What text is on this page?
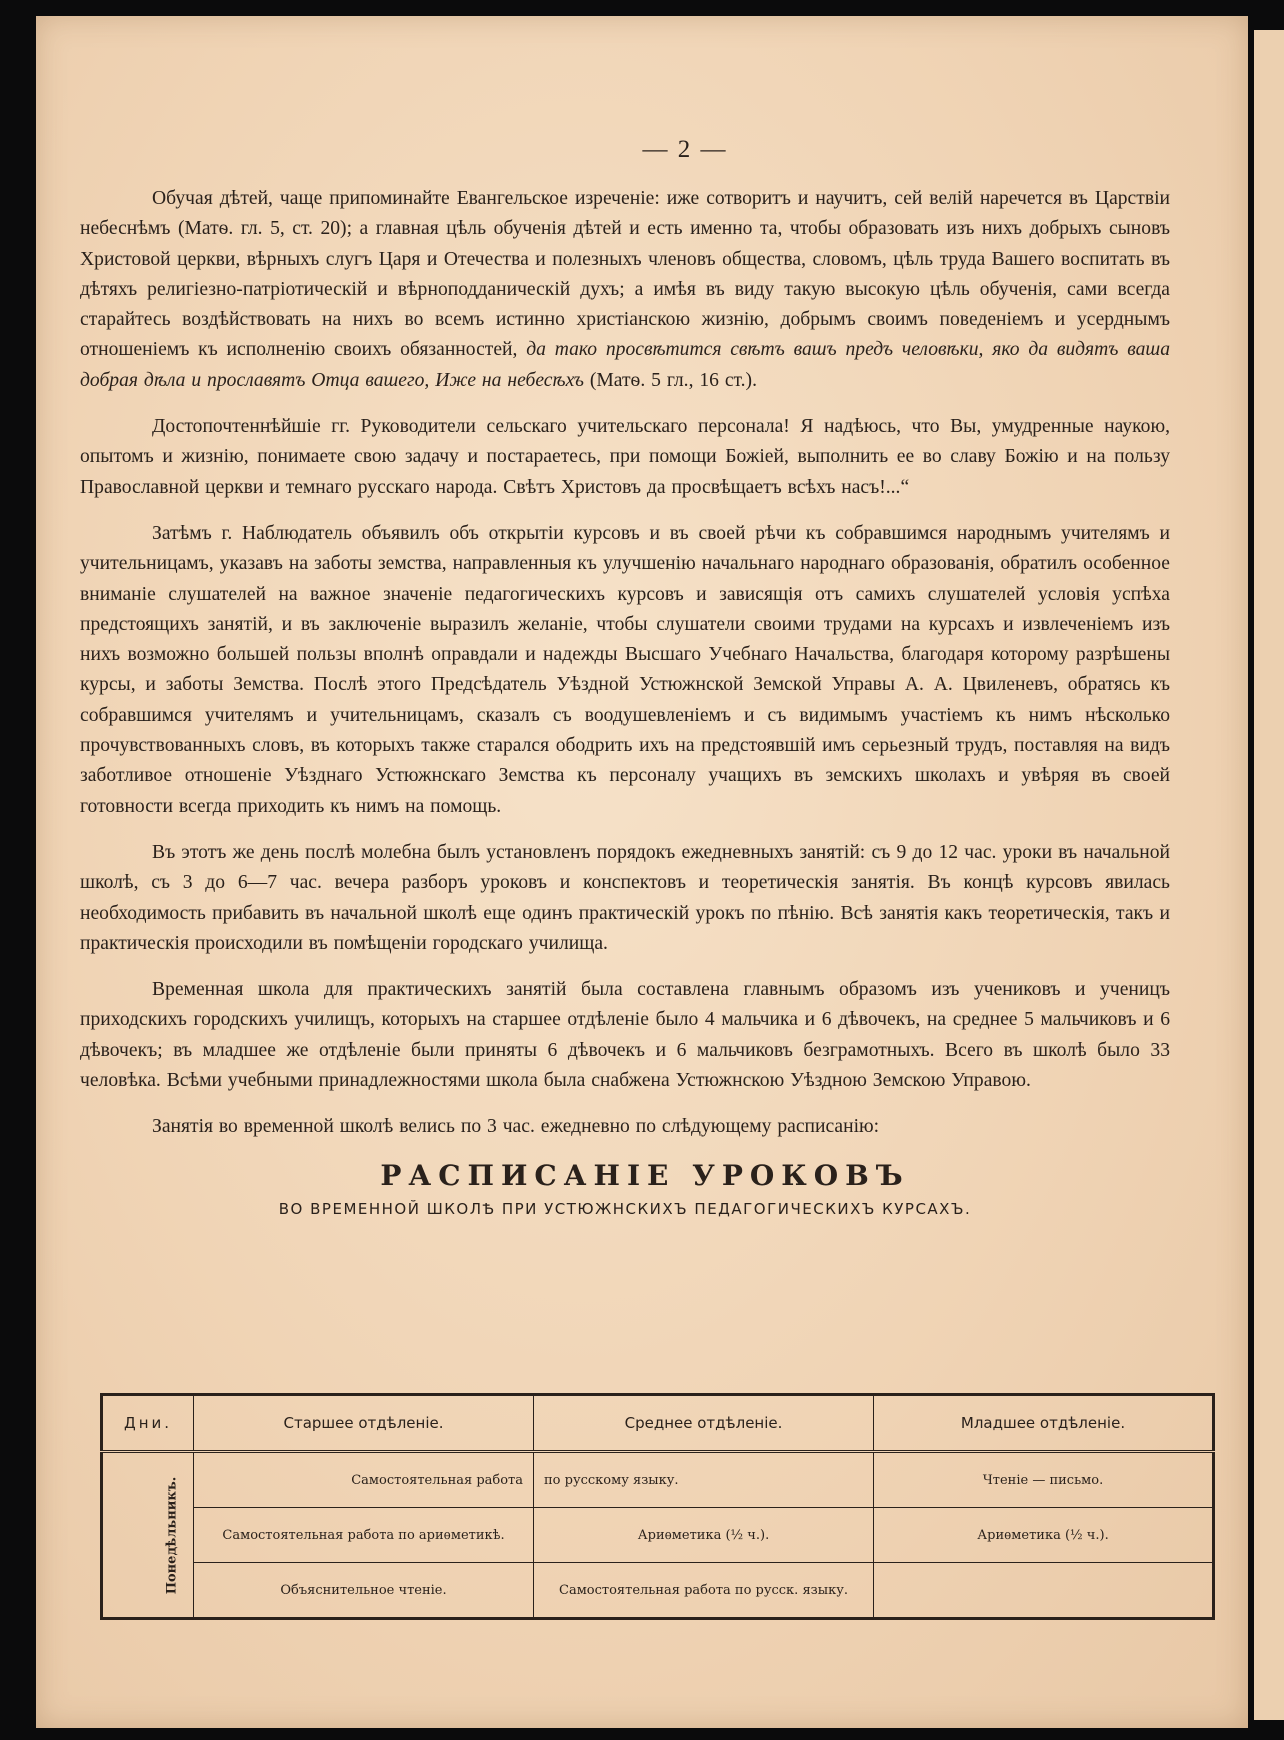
— 2 —

Обучая дѣтей, чаще припоминайте Евангельское изреченіе: иже сотворитъ и научитъ, сей велій наречется въ Царствіи небеснѣмъ (Матѳ. гл. 5, ст. 20); а главная цѣль обученія дѣтей и есть именно та, чтобы образовать изъ нихъ добрыхъ сыновъ Христовой церкви, вѣрныхъ слугъ Царя и Отечества и полезныхъ членовъ общества, словомъ, цѣль труда Вашего воспитать въ дѣтяхъ религіезно-патріотическій и вѣрноподданическій духъ; а имѣя въ виду такую высокую цѣль обученія, сами всегда старайтесь воздѣйствовать на нихъ во всемъ истинно христіанскою жизнію, добрымъ своимъ поведеніемъ и усерднымъ отношеніемъ къ исполненію своихъ обязанностей, да тако просвѣтится свѣтъ вашъ предъ человѣки, яко да видятъ ваша добрая дѣла и прославятъ Отца вашего, Иже на небесѣхъ (Матѳ. 5 гл., 16 ст.).

Достопочтеннѣйшіе гг. Руководители сельскаго учительскаго персонала! Я надѣюсь, что Вы, умудренные наукою, опытомъ и жизнію, понимаете свою задачу и постараетесь, при помощи Божіей, выполнить ее во славу Божію и на пользу Православной церкви и темнаго русскаго народа. Свѣтъ Христовъ да просвѣщаетъ всѣхъ насъ!...“

Затѣмъ г. Наблюдатель объявилъ объ открытіи курсовъ и въ своей рѣчи къ собравшимся народнымъ учителямъ и учительницамъ, указавъ на заботы земства, направленныя къ улучшенію начальнаго народнаго образованія, обратилъ особенное вниманіе слушателей на важное значеніе педагогическихъ курсовъ и зависящія отъ самихъ слушателей условія успѣха предстоящихъ занятій, и въ заключеніе выразилъ желаніе, чтобы слушатели своими трудами на курсахъ и извлеченіемъ изъ нихъ возможно большей пользы вполнѣ оправдали и надежды Высшаго Учебнаго Начальства, благодаря которому разрѣшены курсы, и заботы Земства. Послѣ этого Предсѣдатель Уѣздной Устюжнской Земской Управы А. А. Цвиленевъ, обратясь къ собравшимся учителямъ и учительницамъ, сказалъ съ воодушевленіемъ и съ видимымъ участіемъ къ нимъ нѣсколько прочувствованныхъ словъ, въ которыхъ также старался ободрить ихъ на предстоявшій имъ серьезный трудъ, поставляя на видъ заботливое отношеніе Уѣзднаго Устюжнскаго Земства къ персоналу учащихъ въ земскихъ школахъ и увѣряя въ своей готовности всегда приходить къ нимъ на помощь.

Въ этотъ же день послѣ молебна былъ установленъ порядокъ ежедневныхъ занятій: съ 9 до 12 час. уроки въ начальной школѣ, съ 3 до 6—7 час. вечера разборъ уроковъ и конспектовъ и теоретическія занятія. Въ концѣ курсовъ явилась необходимость прибавить въ начальной школѣ еще одинъ практическій урокъ по пѣнію. Всѣ занятія какъ теоретическія, такъ и практическія происходили въ помѣщеніи городскаго училища.

Временная школа для практическихъ занятій была составлена главнымъ образомъ изъ учениковъ и ученицъ приходскихъ городскихъ училищъ, которыхъ на старшее отдѣленіе было 4 мальчика и 6 дѣвочекъ, на среднее 5 мальчиковъ и 6 дѣвочекъ; въ младшее же отдѣленіе были приняты 6 дѣвочекъ и 6 мальчиковъ безграмотныхъ. Всего въ школѣ было 33 человѣка. Всѣми учебными принадлежностями школа была снабжена Устюжнскою Уѣздною Земскою Управою.

Занятія во временной школѣ велись по 3 час. ежедневно по слѣдующему расписанію:

РАСПИСАНІЕ УРОКОВЪ
ВО ВРЕМЕННОЙ ШКОЛѢ ПРИ УСТЮЖНСКИХЪ ПЕДАГОГИЧЕСКИХЪ КУРСАХЪ.
Дни.	Старшее отдѣленіе.	Среднее отдѣленіе.	Младшее отдѣленіе.
Понедѣльникъ.	Самостоятельная работа	по русскому языку.	Чтеніе — письмо.
	Самостоятельная работа по ариѳметикѣ.	Ариѳметика (½ ч.).	Ариѳметика (½ ч.).
	Объяснительное чтеніе.	Самостоятельная работа по русск. языку.	
